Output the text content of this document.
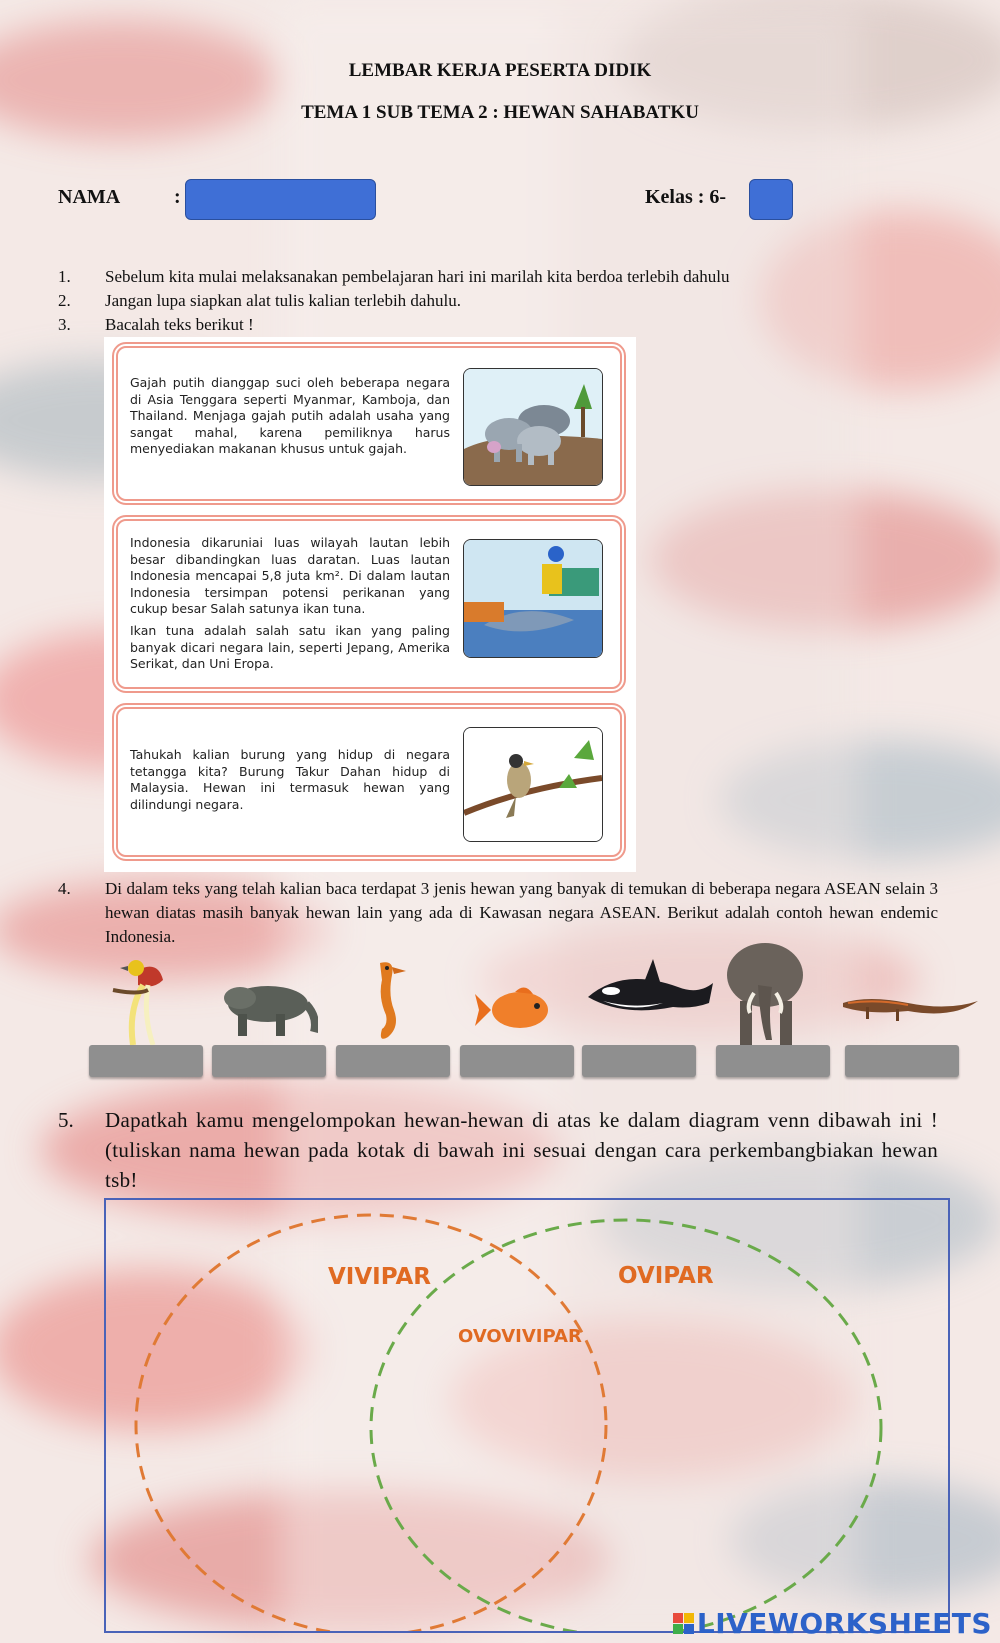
LEMBAR KERJA PESERTA DIDIK
TEMA 1 SUB TEMA 2 : HEWAN SAHABATKU
NAMA	:	Kelas : 6-
1.	Sebelum kita mulai melaksanakan pembelajaran hari ini marilah kita berdoa terlebih dahulu
2.	Jangan lupa siapkan alat tulis kalian terlebih dahulu.
3.	Bacalah teks berikut !
Gajah putih dianggap suci oleh beberapa negara di Asia Tenggara seperti Myanmar, Kamboja, dan Thailand. Menjaga gajah putih adalah usaha yang sangat mahal, karena pemiliknya harus menyediakan makanan khusus untuk gajah.
Indonesia dikaruniai luas wilayah lautan lebih besar dibandingkan luas daratan. Luas lautan Indonesia mencapai 5,8 juta km². Di dalam lautan Indonesia tersimpan potensi perikanan yang cukup besar Salah satunya ikan tuna.
Ikan tuna adalah salah satu ikan yang paling banyak dicari negara lain, seperti Jepang, Amerika Serikat, dan Uni Eropa.
Tahukah kalian burung yang hidup di negara tetangga kita? Burung Takur Dahan hidup di Malaysia. Hewan ini termasuk hewan yang dilindungi negara.
4.	Di dalam teks yang telah kalian baca terdapat 3 jenis hewan yang banyak di temukan di beberapa negara ASEAN selain 3 hewan diatas masih banyak hewan lain yang ada di Kawasan negara ASEAN. Berikut adalah contoh hewan endemic Indonesia.
5. Dapatkah kamu mengelompokan hewan-hewan di atas ke dalam diagram venn dibawah ini ! (tuliskan nama hewan pada kotak di bawah ini sesuai dengan cara perkembangbiakan hewan tsb!
VIVIPAR	OVIPAR
OVOVIVIPAR
LIVEWORKSHEETS
